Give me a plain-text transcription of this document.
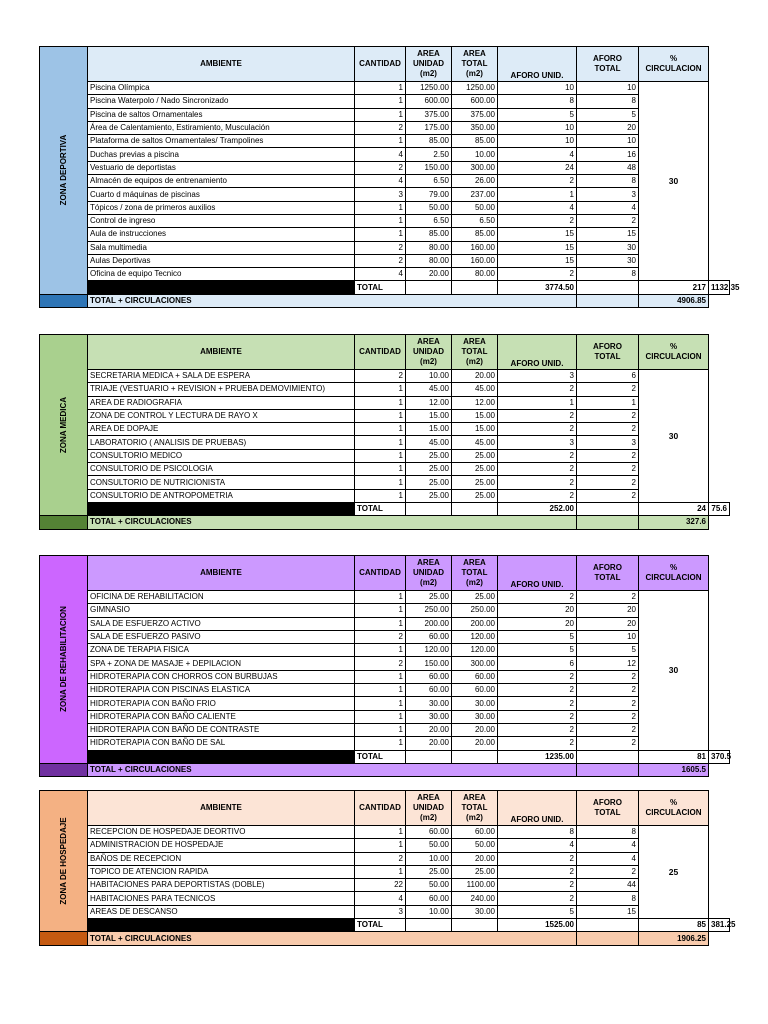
ZONA DEPORTIVA	AMBIENTE	CANTIDAD	AREA
UNIDAD
(m2)	AREA
TOTAL
(m2)	AFORO UNID.	AFORO
TOTAL	%
CIRCULACION	
	Piscina Olímpica	1	1250.00	1250.00	10	10	30	
	Piscina Waterpolo / Nado Sincronizado	1	600.00	600.00	8	8		
	Piscina de saltos Ornamentales	1	375.00	375.00	5	5		
	Área de Calentamiento, Estiramiento, Musculación	2	175.00	350.00	10	20		
	Plataforma de saltos Ornamentales/ Trampolines	1	85.00	85.00	10	10		
	Duchas previas a piscina	4	2.50	10.00	4	16		
	Vestuario de deportistas	2	150.00	300.00	24	48		
	Almacén de equipos de entrenamiento	4	6.50	26.00	2	8		
	Cuarto d máquinas de piscinas	3	79.00	237.00	1	3		
	Tópicos / zona de primeros auxilios	1	50.00	50.00	4	4		
	Control de ingreso	1	6.50	6.50	2	2		
	Aula de instrucciones	1	85.00	85.00	15	15		
	Sala multimedia	2	80.00	160.00	15	30		
	Aulas Deportivas	2	80.00	160.00	15	30		
	Oficina de equipo Tecnico	4	20.00	80.00	2	8		
		TOTAL			3774.50		217	1132.35
	TOTAL + CIRCULACIONES						4906.85	
ZONA MEDICA	AMBIENTE	CANTIDAD	AREA
UNIDAD
(m2)	AREA
TOTAL
(m2)	AFORO UNID.	AFORO
TOTAL	%
CIRCULACION	
	SECRETARIA MEDICA + SALA DE ESPERA	2	10.00	20.00	3	6	30	
	TRIAJE (VESTUARIO + REVISION + PRUEBA DEMOVIMIENTO)	1	45.00	45.00	2	2		
	AREA DE RADIOGRAFIA	1	12.00	12.00	1	1		
	ZONA DE CONTROL Y LECTURA DE RAYO X	1	15.00	15.00	2	2		
	AREA DE DOPAJE	1	15.00	15.00	2	2		
	LABORATORIO ( ANALISIS DE PRUEBAS)	1	45.00	45.00	3	3		
	CONSULTORIO MEDICO	1	25.00	25.00	2	2		
	CONSULTORIO DE PSICOLOGIA	1	25.00	25.00	2	2		
	CONSULTORIO DE NUTRICIONISTA	1	25.00	25.00	2	2		
	CONSULTORIO DE ANTROPOMETRIA	1	25.00	25.00	2	2		
		TOTAL			252.00		24	75.6
	TOTAL + CIRCULACIONES						327.6	
ZONA DE REHABILITACION	AMBIENTE	CANTIDAD	AREA
UNIDAD
(m2)	AREA
TOTAL
(m2)	AFORO UNID.	AFORO
TOTAL	%
CIRCULACION	
	OFICINA DE REHABILITACION	1	25.00	25.00	2	2	30	
	GIMNASIO	1	250.00	250.00	20	20		
	SALA DE ESFUERZO ACTIVO	1	200.00	200.00	20	20		
	SALA DE ESFUERZO PASIVO	2	60.00	120.00	5	10		
	ZONA DE TERAPIA FISICA	1	120.00	120.00	5	5		
	SPA + ZONA DE MASAJE + DEPILACION	2	150.00	300.00	6	12		
	HIDROTERAPIA CON CHORROS CON BURBUJAS	1	60.00	60.00	2	2		
	HIDROTERAPIA CON PISCINAS ELASTICA	1	60.00	60.00	2	2		
	HIDROTERAPIA CON BAÑO FRIO	1	30.00	30.00	2	2		
	HIDROTERAPIA CON BAÑO CALIENTE	1	30.00	30.00	2	2		
	HIDROTERAPIA CON BAÑO DE CONTRASTE	1	20.00	20.00	2	2		
	HIDROTERAPIA CON BAÑO DE SAL	1	20.00	20.00	2	2		
		TOTAL			1235.00		81	370.5
	TOTAL + CIRCULACIONES						1605.5	
ZONA DE HOSPEDAJE	AMBIENTE	CANTIDAD	AREA
UNIDAD
(m2)	AREA
TOTAL
(m2)	AFORO UNID.	AFORO
TOTAL	%
CIRCULACION	
	RECEPCION DE HOSPEDAJE DEORTIVO	1	60.00	60.00	8	8	25	
	ADMINISTRACION DE HOSPEDAJE	1	50.00	50.00	4	4		
	BAÑOS DE RECEPCION	2	10.00	20.00	2	4		
	TOPICO DE ATENCION RAPIDA	1	25.00	25.00	2	2		
	HABITACIONES PARA DEPORTISTAS (DOBLE)	22	50.00	1100.00	2	44		
	HABITACIONES PARA TECNICOS	4	60.00	240.00	2	8		
	AREAS DE DESCANSO	3	10.00	30.00	5	15		
		TOTAL			1525.00		85	381.25
	TOTAL + CIRCULACIONES						1906.25	
